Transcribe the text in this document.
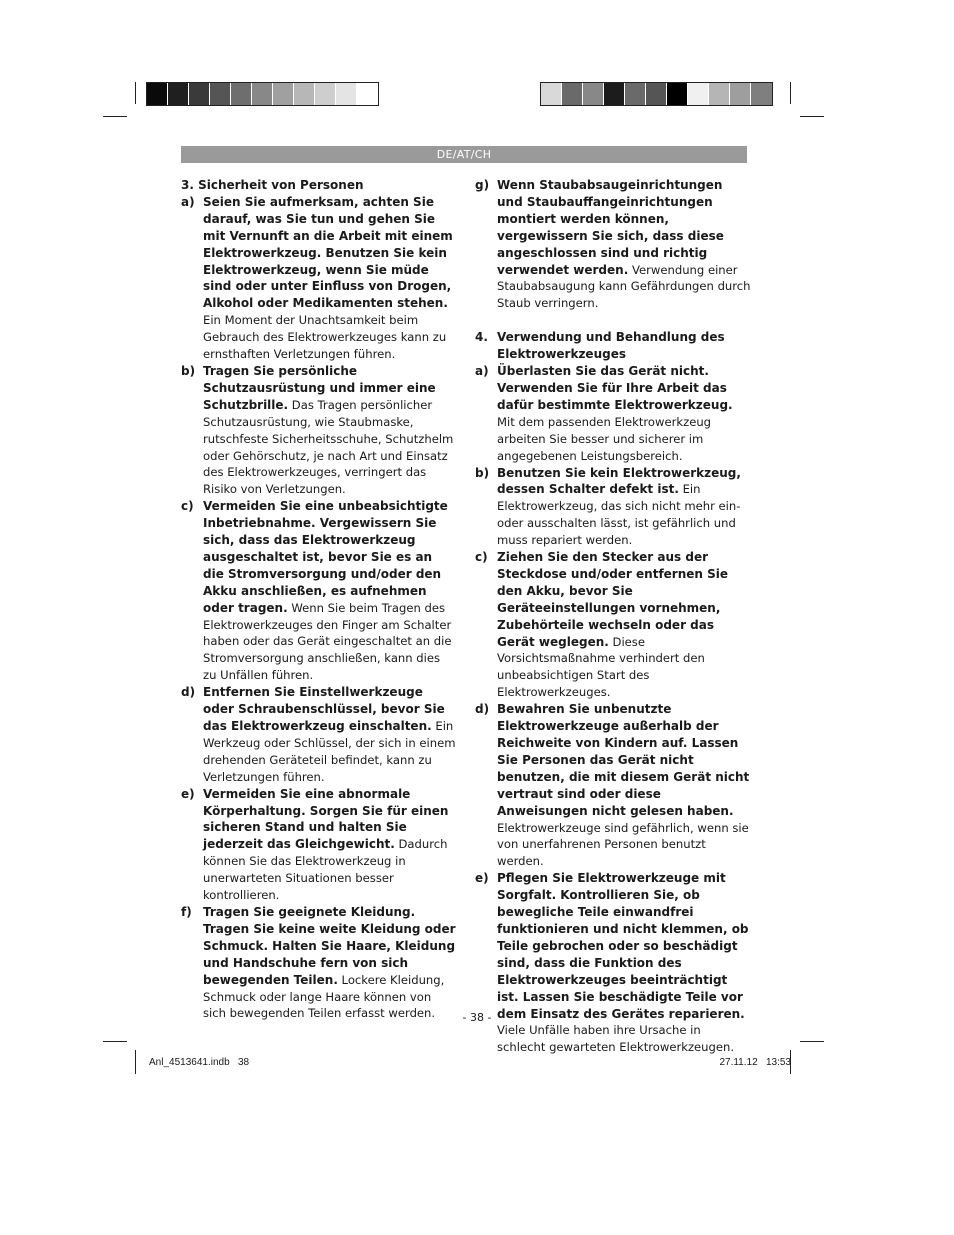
DE/AT/CH

3. Sicherheit von Personen

a) Seien Sie aufmerksam, achten Sie darauf, was Sie tun und gehen Sie mit Vernunft an die Arbeit mit einem Elektrowerkzeug. Benutzen Sie kein Elektrowerkzeug, wenn Sie müde sind oder unter Einfluss von Drogen, Alkohol oder Medikamenten stehen. Ein Moment der Unachtsamkeit beim Gebrauch des Elektrowerkzeuges kann zu ernsthaften Verletzungen führen.
b) Tragen Sie persönliche Schutzausrüstung und immer eine Schutzbrille. Das Tragen persönlicher Schutzausrüstung, wie Staubmaske, rutschfeste Sicherheitsschuhe, Schutzhelm oder Gehörschutz, je nach Art und Einsatz des Elektrowerkzeuges, verringert das Risiko von Verletzungen.
c) Vermeiden Sie eine unbeabsichtigte Inbetriebnahme. Vergewissern Sie sich, dass das Elektrowerkzeug ausgeschaltet ist, bevor Sie es an die Stromversorgung und/oder den Akku anschließen, es aufnehmen oder tragen. Wenn Sie beim Tragen des Elektrowerkzeuges den Finger am Schalter haben oder das Gerät eingeschaltet an die Stromversorgung anschließen, kann dies zu Unfällen führen.
d) Entfernen Sie Einstellwerkzeuge oder Schraubenschlüssel, bevor Sie das Elektrowerkzeug einschalten. Ein Werkzeug oder Schlüssel, der sich in einem drehenden Geräteteil befindet, kann zu Verletzungen führen.
e) Vermeiden Sie eine abnormale Körperhaltung. Sorgen Sie für einen sicheren Stand und halten Sie jederzeit das Gleichgewicht. Dadurch können Sie das Elektrowerkzeug in unerwarteten Situationen besser kontrollieren.
f) Tragen Sie geeignete Kleidung. Tragen Sie keine weite Kleidung oder Schmuck. Halten Sie Haare, Kleidung und Handschuhe fern von sich bewegenden Teilen. Lockere Kleidung, Schmuck oder lange Haare können von sich bewegenden Teilen erfasst werden.
g) Wenn Staubabsaugeinrichtungen und Staubauffangeinrichtungen montiert werden können, vergewissern Sie sich, dass diese angeschlossen sind und richtig verwendet werden. Verwendung einer Staubabsaugung kann Gefährdungen durch Staub verringern.
4. Verwendung und Behandlung des Elektrowerkzeuges
a) Überlasten Sie das Gerät nicht. Verwenden Sie für Ihre Arbeit das dafür bestimmte Elektrowerkzeug. Mit dem passenden Elektrowerkzeug arbeiten Sie besser und sicherer im angegebenen Leistungsbereich.
b) Benutzen Sie kein Elektrowerkzeug, dessen Schalter defekt ist. Ein Elektrowerkzeug, das sich nicht mehr ein- oder ausschalten lässt, ist gefährlich und muss repariert werden.
c) Ziehen Sie den Stecker aus der Steckdose und/oder entfernen Sie den Akku, bevor Sie Geräteeinstellungen vornehmen, Zubehörteile wechseln oder das Gerät weglegen. Diese Vorsichtsmaßnahme verhindert den unbeabsichtigen Start des Elektrowerkzeuges.
d) Bewahren Sie unbenutzte Elektrowerkzeuge außerhalb der Reichweite von Kindern auf. Lassen Sie Personen das Gerät nicht benutzen, die mit diesem Gerät nicht vertraut sind oder diese Anweisungen nicht gelesen haben. Elektrowerkzeuge sind gefährlich, wenn sie von unerfahrenen Personen benutzt werden.
e) Pflegen Sie Elektrowerkzeuge mit Sorgfalt. Kontrollieren Sie, ob bewegliche Teile einwandfrei funktionieren und nicht klemmen, ob Teile gebrochen oder so beschädigt sind, dass die Funktion des Elektrowerkzeuges beeinträchtigt ist. Lassen Sie beschädigte Teile vor dem Einsatz des Gerätes reparieren. Viele Unfälle haben ihre Ursache in schlecht gewarteten Elektrowerkzeugen.
- 38 -
Anl_4513641.indb   38	27.11.12   13:53
